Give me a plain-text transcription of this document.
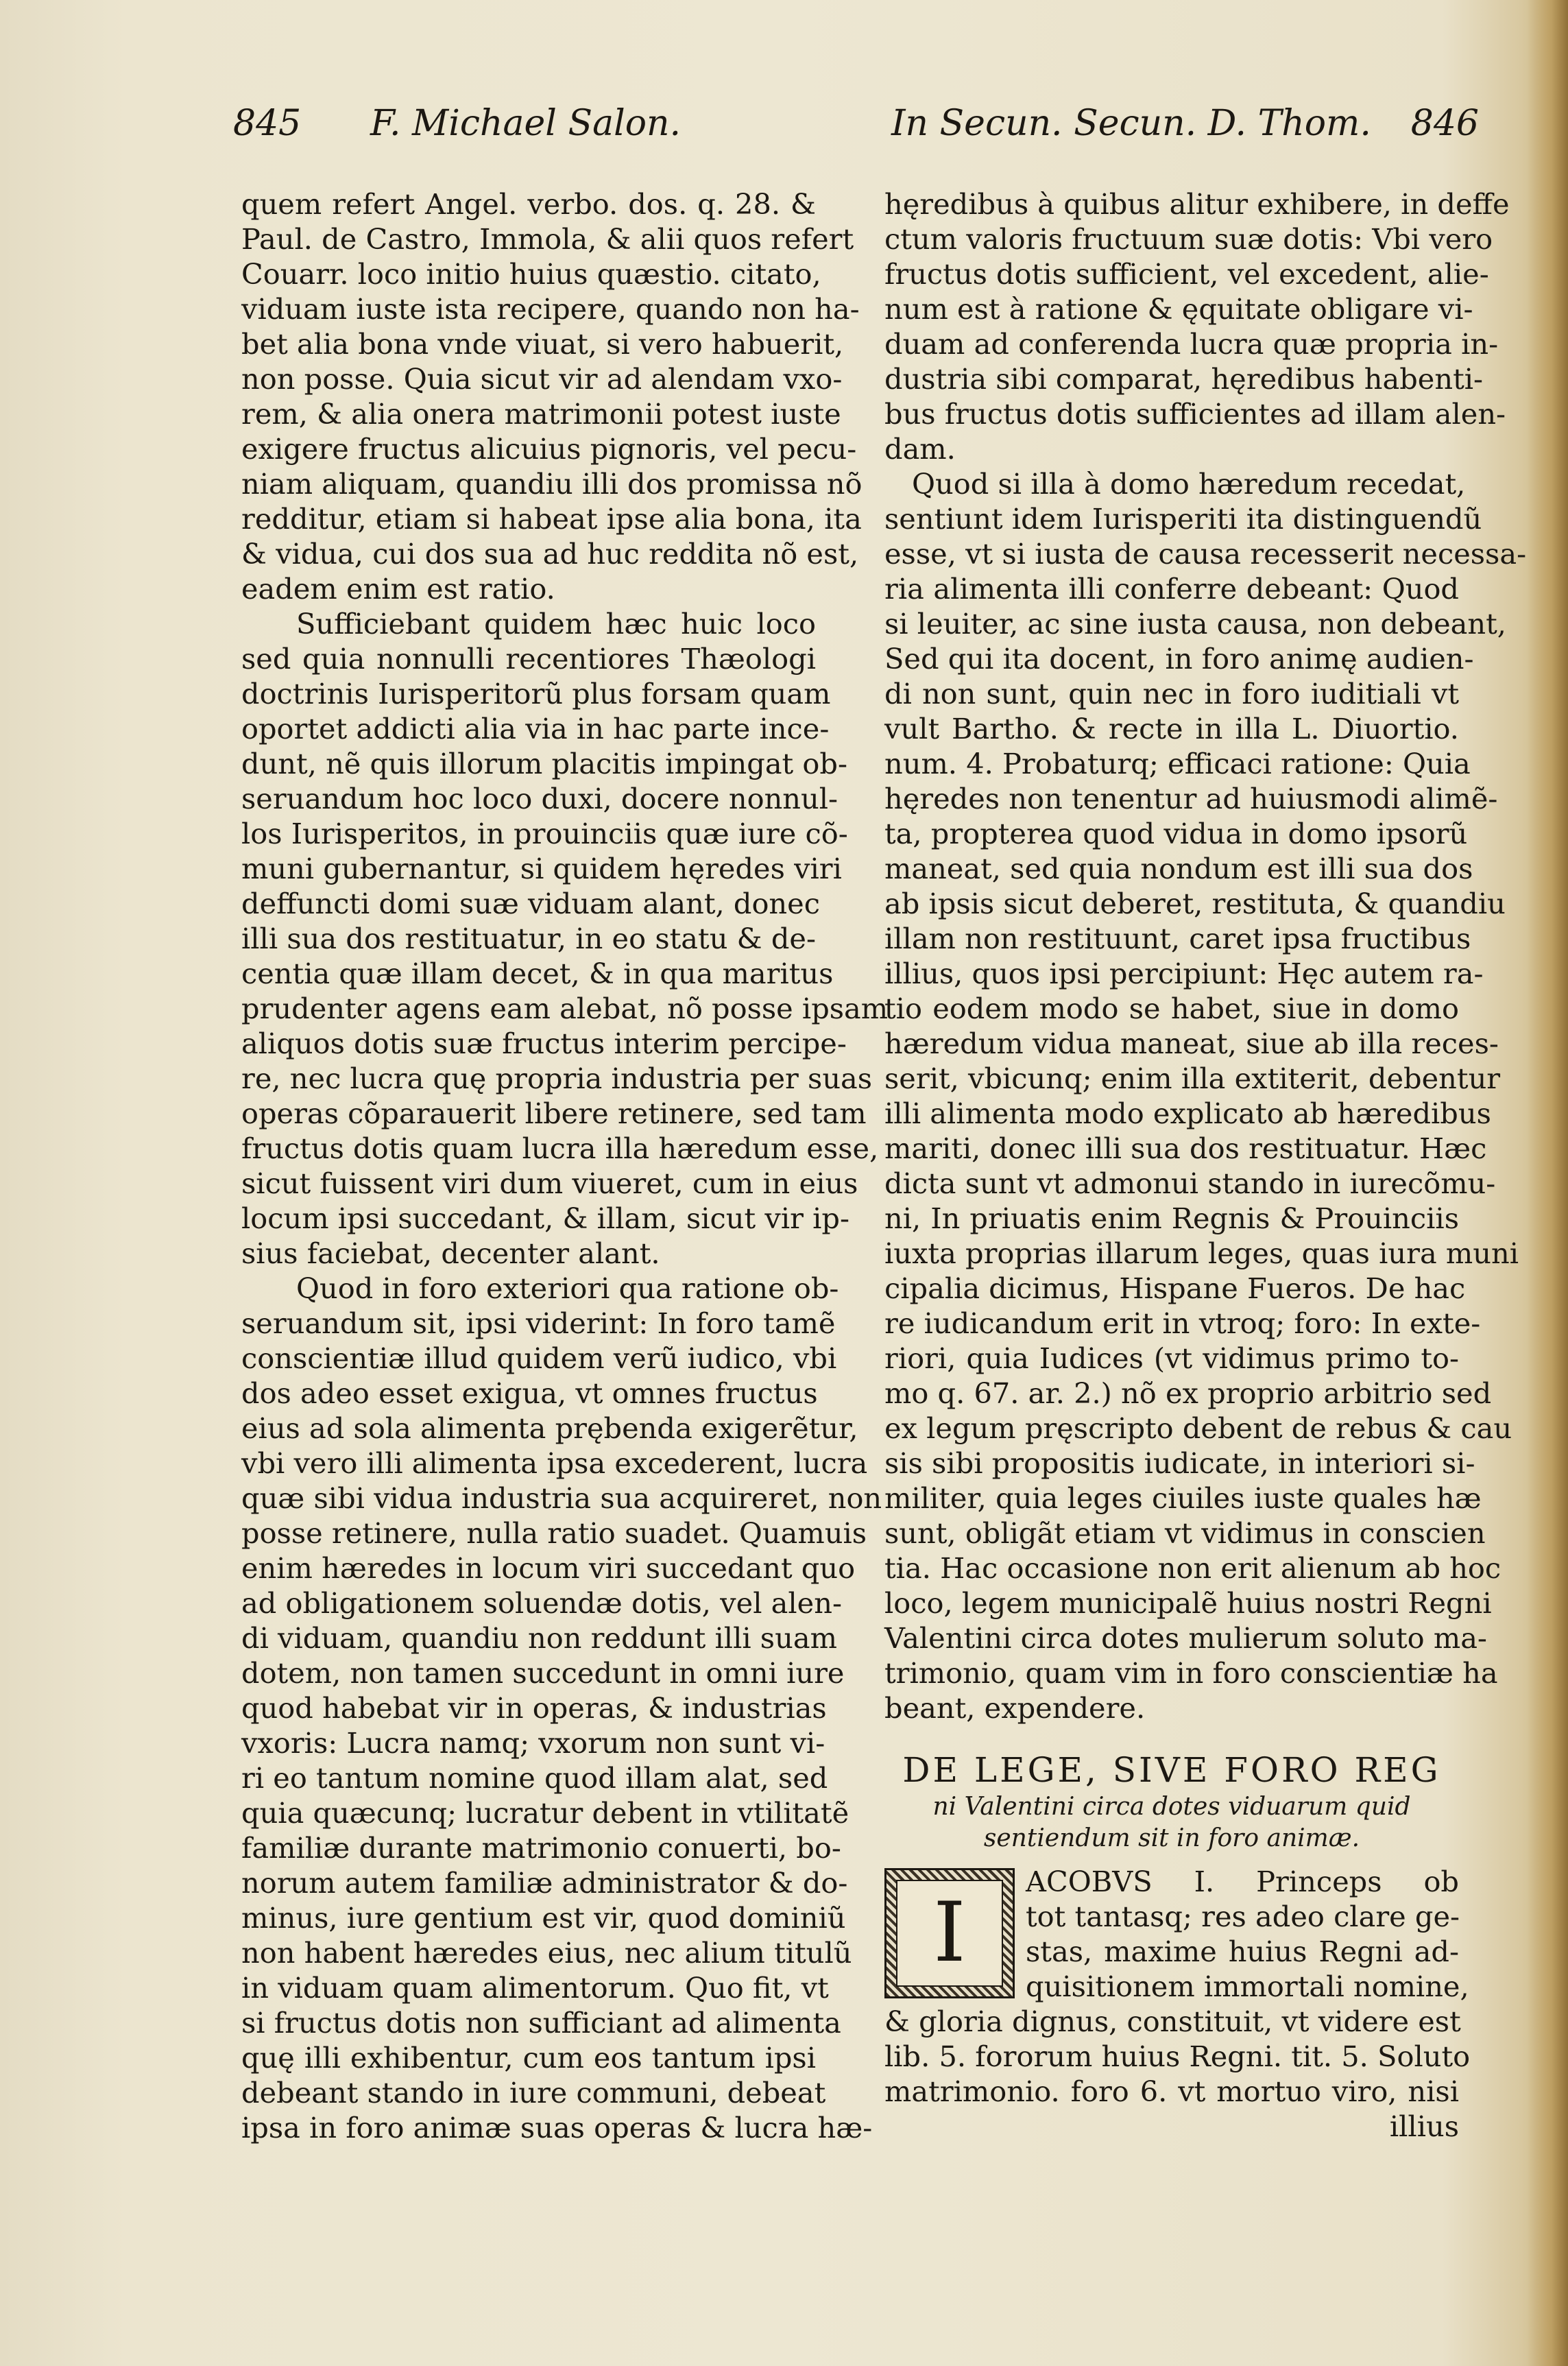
845 F. Michael Salon.	In Secun. Secun. D. Thom. 846
quem refert Angel. verbo. dos. q. 28. &
Paul. de Castro, Immola, & alii quos refert
Couarr. loco initio huius quæstio. citato,
viduam iuste ista recipere, quando non ha-
bet alia bona vnde viuat, si vero habuerit,
non posse. Quia sicut vir ad alendam vxo-
rem, & alia onera matrimonii potest iuste
exigere fructus alicuius pignoris, vel pecu-
niam aliquam, quandiu illi dos promissa nõ
redditur, etiam si habeat ipse alia bona, ita
& vidua, cui dos sua ad huc reddita nõ est,
eadem enim est ratio.
Sufficiebant quidem hæc huic loco
sed quia nonnulli recentiores Thæologi
doctrinis Iurisperitorũ plus forsam quam
oportet addicti alia via in hac parte ince-
dunt, nẽ quis illorum placitis impingat ob-
seruandum hoc loco duxi, docere nonnul-
los Iurisperitos, in prouinciis quæ iure cõ-
muni gubernantur, si quidem hęredes viri
deffuncti domi suæ viduam alant, donec
illi sua dos restituatur, in eo statu & de-
centia quæ illam decet, & in qua maritus
prudenter agens eam alebat, nõ posse ipsam
aliquos dotis suæ fructus interim percipe-
re, nec lucra quę propria industria per suas
operas cõparauerit libere retinere, sed tam
fructus dotis quam lucra illa hæredum esse,
sicut fuissent viri dum viueret, cum in eius
locum ipsi succedant, & illam, sicut vir ip-
sius faciebat, decenter alant.
Quod in foro exteriori qua ratione ob-
seruandum sit, ipsi viderint: In foro tamẽ
conscientiæ illud quidem verũ iudico, vbi
dos adeo esset exigua, vt omnes fructus
eius ad sola alimenta prębenda exigerẽtur,
vbi vero illi alimenta ipsa excederent, lucra
quæ sibi vidua industria sua acquireret, non
posse retinere, nulla ratio suadet. Quamuis
enim hæredes in locum viri succedant quo
ad obligationem soluendæ dotis, vel alen-
di viduam, quandiu non reddunt illi suam
dotem, non tamen succedunt in omni iure
quod habebat vir in operas, & industrias
vxoris: Lucra namq; vxorum non sunt vi-
ri eo tantum nomine quod illam alat, sed
quia quæcunq; lucratur debent in vtilitatẽ
familiæ durante matrimonio conuerti, bo-
norum autem familiæ administrator & do-
minus, iure gentium est vir, quod dominiũ
non habent hæredes eius, nec alium titulũ
in viduam quam alimentorum. Quo fit, vt
si fructus dotis non sufficiant ad alimenta
quę illi exhibentur, cum eos tantum ipsi
debeant stando in iure communi, debeat
ipsa in foro animæ suas operas & lucra hæ-
hęredibus à quibus alitur exhibere, in deffe
ctum valoris fructuum suæ dotis: Vbi vero
fructus dotis sufficient, vel excedent, alie-
num est à ratione & ęquitate obligare vi-
duam ad conferenda lucra quæ propria in-
dustria sibi comparat, hęredibus habenti-
bus fructus dotis sufficientes ad illam alen-
dam.
Quod si illa à domo hæredum recedat,
sentiunt idem Iurisperiti ita distinguendũ
esse, vt si iusta de causa recesserit necessa-
ria alimenta illi conferre debeant: Quod
si leuiter, ac sine iusta causa, non debeant,
Sed qui ita docent, in foro animę audien-
di non sunt, quin nec in foro iuditiali vt
vult Bartho. & recte in illa L. Diuortio.
num. 4. Probaturq; efficaci ratione: Quia
hęredes non tenentur ad huiusmodi alimẽ-
ta, propterea quod vidua in domo ipsorũ
maneat, sed quia nondum est illi sua dos
ab ipsis sicut deberet, restituta, & quandiu
illam non restituunt, caret ipsa fructibus
illius, quos ipsi percipiunt: Hęc autem ra-
tio eodem modo se habet, siue in domo
hæredum vidua maneat, siue ab illa reces-
serit, vbicunq; enim illa extiterit, debentur
illi alimenta modo explicato ab hæredibus
mariti, donec illi sua dos restituatur. Hæc
dicta sunt vt admonui stando in iurecõmu-
ni, In priuatis enim Regnis & Prouinciis
iuxta proprias illarum leges, quas iura muni
cipalia dicimus, Hispane Fueros. De hac
re iudicandum erit in vtroq; foro: In exte-
riori, quia Iudices (vt vidimus primo to-
mo q. 67. ar. 2.) nõ ex proprio arbitrio sed
ex legum pręscripto debent de rebus & cau
sis sibi propositis iudicate, in interiori si-
militer, quia leges ciuiles iuste quales hæ
sunt, obligãt etiam vt vidimus in conscien
tia. Hac occasione non erit alienum ab hoc
loco, legem municipalẽ huius nostri Regni
Valentini circa dotes mulierum soluto ma-
trimonio, quam vim in foro conscientiæ ha
beant, expendere.
DE LEGE, SIVE FORO REG
ni Valentini circa dotes viduarum quid
sentiendum sit in foro animæ.
I
ACOBVS I. Princeps ob
tot tantasq; res adeo clare ge-
stas, maxime huius Regni ad-
quisitionem immortali nomine,
& gloria dignus, constituit, vt videre est
lib. 5. fororum huius Regni. tit. 5. Soluto
matrimonio. foro 6. vt mortuo viro, nisi
illius
